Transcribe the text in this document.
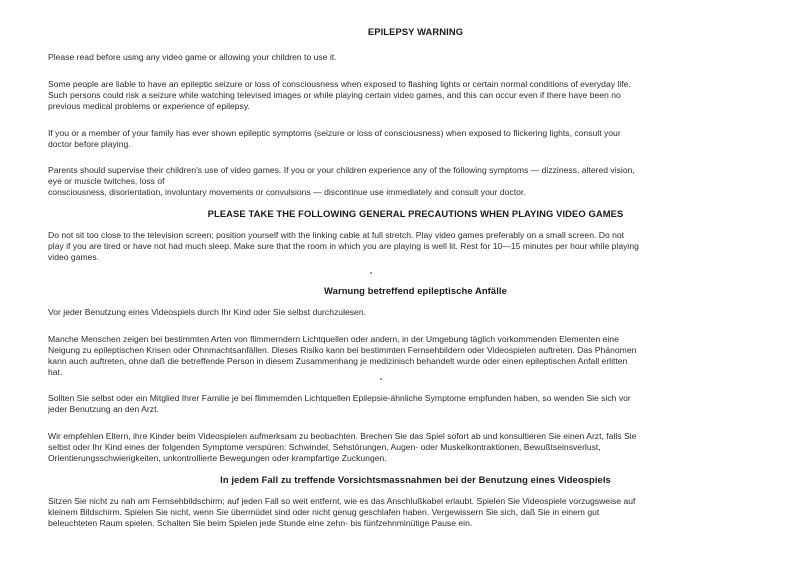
EPILEPSY WARNING

Please read before using any video game or allowing your children to use it.

Some people are liable to have an epileptic seizure or loss of consciousness when exposed to flashing lights or certain normal conditions of everyday life.
Such persons could risk a seizure while watching televised images or while playing certain video games, and this can occur even if there have been no
previous medical problems or experience of epilepsy.

If you or a member of your family has ever shown epileptic symptoms (seizure or loss of consciousness) when exposed to flickering lights, consult your
doctor before playing.

Parents should supervise their children's use of video games. If you or your children experience any of the following symptoms — dizziness, altered vision,
eye or muscle twitches, loss of
consciousness, disorientation, involuntary movements or convulsions — discontinue use immediately and consult your doctor.

PLEASE TAKE THE FOLLOWING GENERAL PRECAUTIONS WHEN PLAYING VIDEO GAMES

Do not sit too close to the television screen; position yourself with the linking cable at full stretch. Play video games preferably on a small screen. Do not
play if you are tired or have not had much sleep. Make sure that the room in which you are playing is well lit. Rest for 10—15 minutes per hour while playing
video games.

Warnung betreffend epileptische Anfälle

Vor jeder Benutzung eines Videospiels durch Ihr Kind oder Sie selbst durchzulesen.

Manche Menschen zeigen bei bestimmten Arten von flimmerndern Lichtquellen oder andern, in der Umgebung täglich vorkommenden Elementen eine
Neigung zu epileptischen Krisen oder Ohnmachtsanfällen. Dieses Risiko kann bei bestimmten Fernsehbildern oder Videospielen auftreten. Das Phänomen
kann auch auftreten, ohne daß die betreffende Person in diesem Zusammenhang je medizinisch behandelt wurde oder einen epileptischen Anfall erlitten
hat.

Sollten Sie selbst oder ein Mitglied Ihrer Familie je bei flimmernden Lichtquellen Epilepsie-ähnliche Symptome empfunden haben, so wenden Sie sich vor
jeder Benutzung an den Arzt.

Wir empfehlen Eltern, ihre Kinder beim Videospielen aufmerksam zu beobachten. Brechen Sie das Spiel sofort ab und konsultieren Sie einen Arzt, falls Sie
selbst oder Ihr Kind eines der folgenden Symptome verspüren: Schwindel, Sehstörungen, Augen- oder Muskelkontraktionen, Bewußtseinsverlust,
Orientierungsschwierigkeiten, unkontrollierte Bewegungen oder krampfartige Zuckungen.

In jedem Fall zu treffende Vorsichtsmassnahmen bei der Benutzung eines Videospiels

Sitzen Sie nicht zu nah am Fernsehbildschirm; auf jeden Fall so weit entfernt, wie es das Anschlußkabel erlaubt. Spielen Sie Videospiele vorzugsweise auf
kleinem Bildschirm. Spielen Sie nicht, wenn Sie übermüdet sind oder nicht genug geschlafen haben. Vergewissern Sie sich, daß Sie in einem gut
beleuchteten Raum spielen. Schalten Sie beim Spielen jede Stunde eine zehn- bis fünfzehnminütige Pause ein.
